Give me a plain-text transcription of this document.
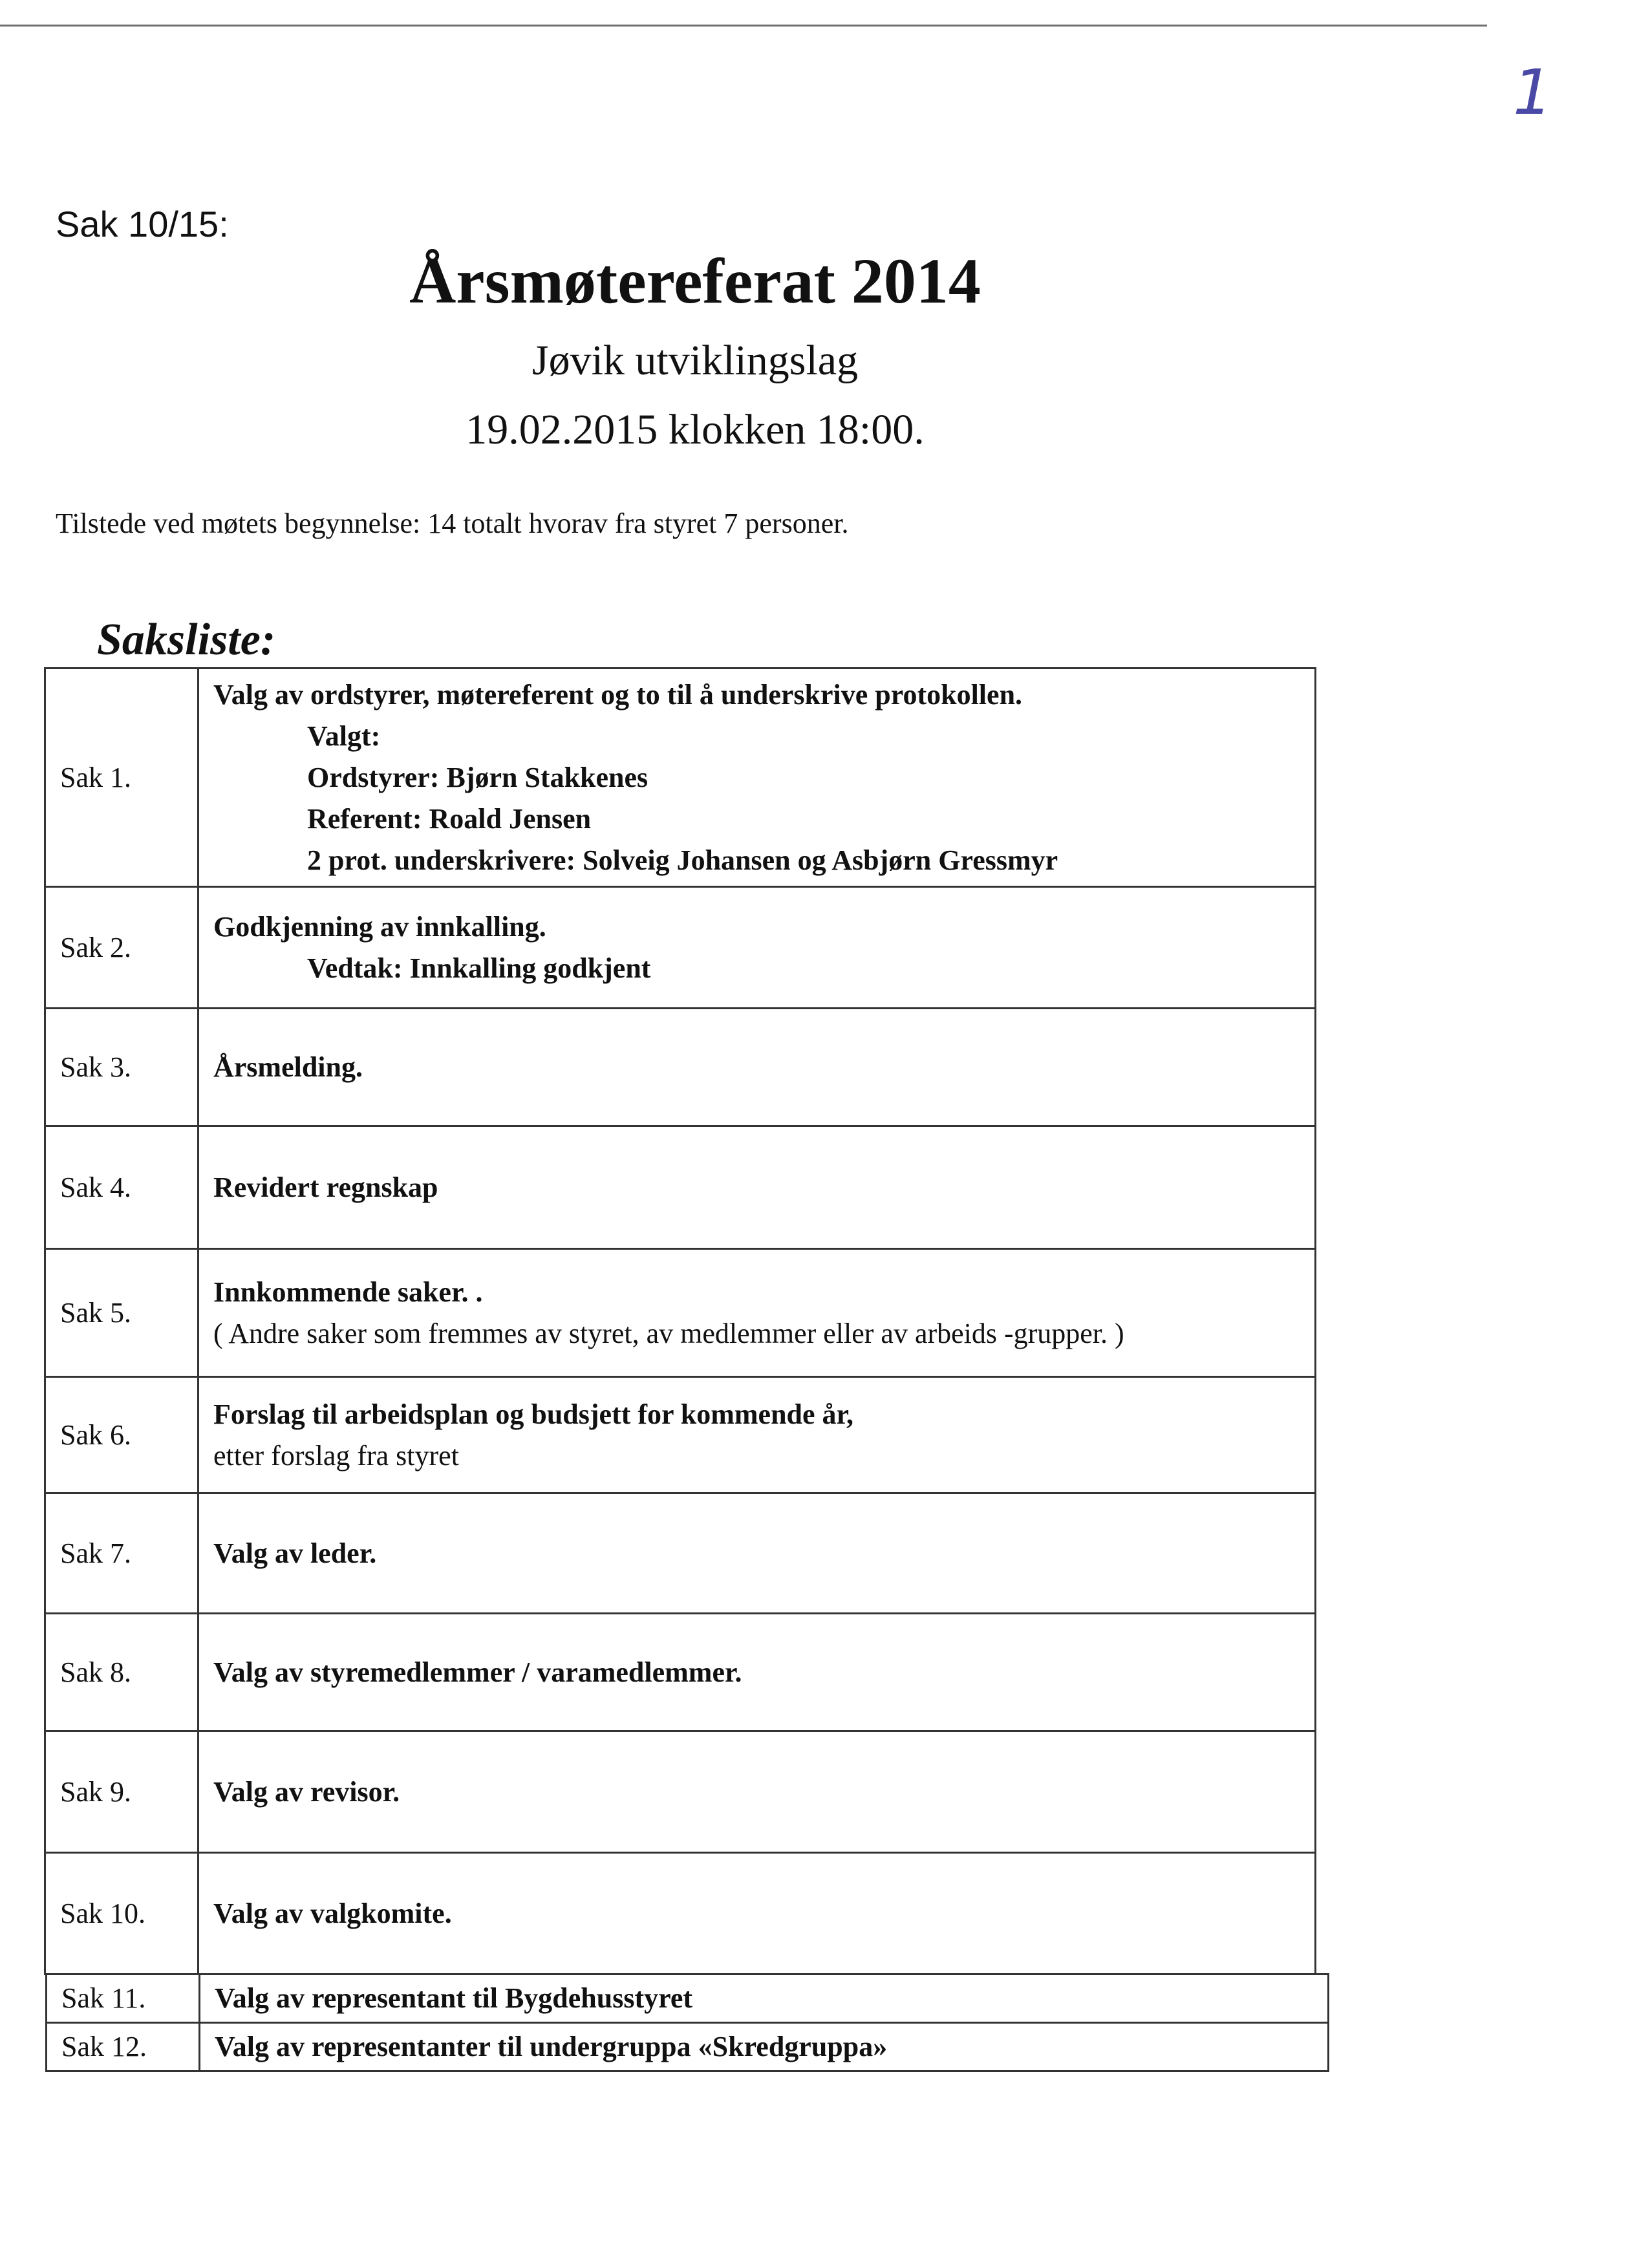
1
Sak 10/15:
Årsmøtereferat 2014
Jøvik utviklingslag
19.02.2015 klokken 18:00.
Tilstede ved møtets begynnelse: 14 totalt hvorav fra styret 7 personer.
Saksliste:
Sak 1.	Valg av ordstyrer, møtereferent og to til å underskrive protokollen.
Valgt:
Ordstyrer: Bjørn Stakkenes
Referent: Roald Jensen
2 prot. underskrivere: Solveig Johansen og Asbjørn Gressmyr

Sak 2.	Godkjenning av innkalling.
Vedtak: Innkalling godkjent

Sak 3.	Årsmelding.
Sak 4.	Revidert regnskap
Sak 5.	Innkommende saker. .
( Andre saker som fremmes av styret, av medlemmer eller av arbeids -grupper. )
Sak 6.	Forslag til arbeidsplan og budsjett for kommende år,
etter forslag fra styret
Sak 7.	Valg av leder.
Sak 8.	Valg av styremedlemmer / varamedlemmer.
Sak 9.	Valg av revisor.
Sak 10.	Valg av valgkomite.
Sak 11.	Valg av representant til Bygdehusstyret
Sak 12.	Valg av representanter til undergruppa «Skredgruppa»
